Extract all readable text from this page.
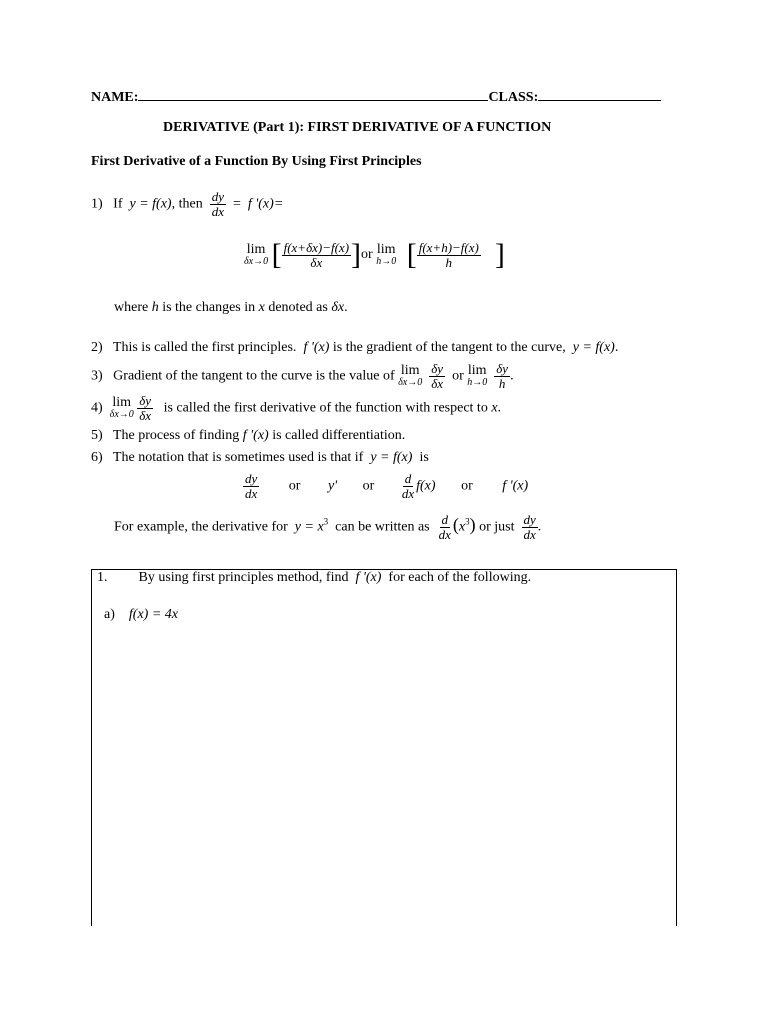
NAME:	CLASS:
DERIVATIVE (Part 1): FIRST DERIVATIVE OF A FUNCTION
First Derivative of a Function By Using First Principles
1) If y = f(x), then $\frac{dy}{dx} = f$ '(x)=
lim
δx→0 [ $\frac{f(x+\delta x)-f(x)}{\delta x} ]or$ lim
h→0 [ $\frac{f(x+h)-f(x)}{h}$ ]
where h is the changes in x denoted as δx.
2) This is called the first principles. f '(x) is the gradient of the tangent to the curve, y = f(x).
3) Gradient of the tangent to the curve is the value of lim
δx→0
$\frac{\delta y}{\delta x}$ or lim
h→0
$\frac{\delta y}{h}$ .
4) lim
δx→0
$\frac{\delta y}{\delta x}$ is called the first derivative of the function with respect to x.
5) The process of finding f '(x) is called differentiation.
6) The notation that is sometimes used is that if y = f(x) is
$\frac{dy}{dx}$ or y' or $\frac{d}{dx} f(x)$ or f '(x)
For example, the derivative for $y = x^3$ can be written as $\frac{d}{dx} (x^3)$ or just $\frac{dy}{dx}$ .
1. By using first principles method, find f '(x) for each of the following.
a) f(x) = 4x
